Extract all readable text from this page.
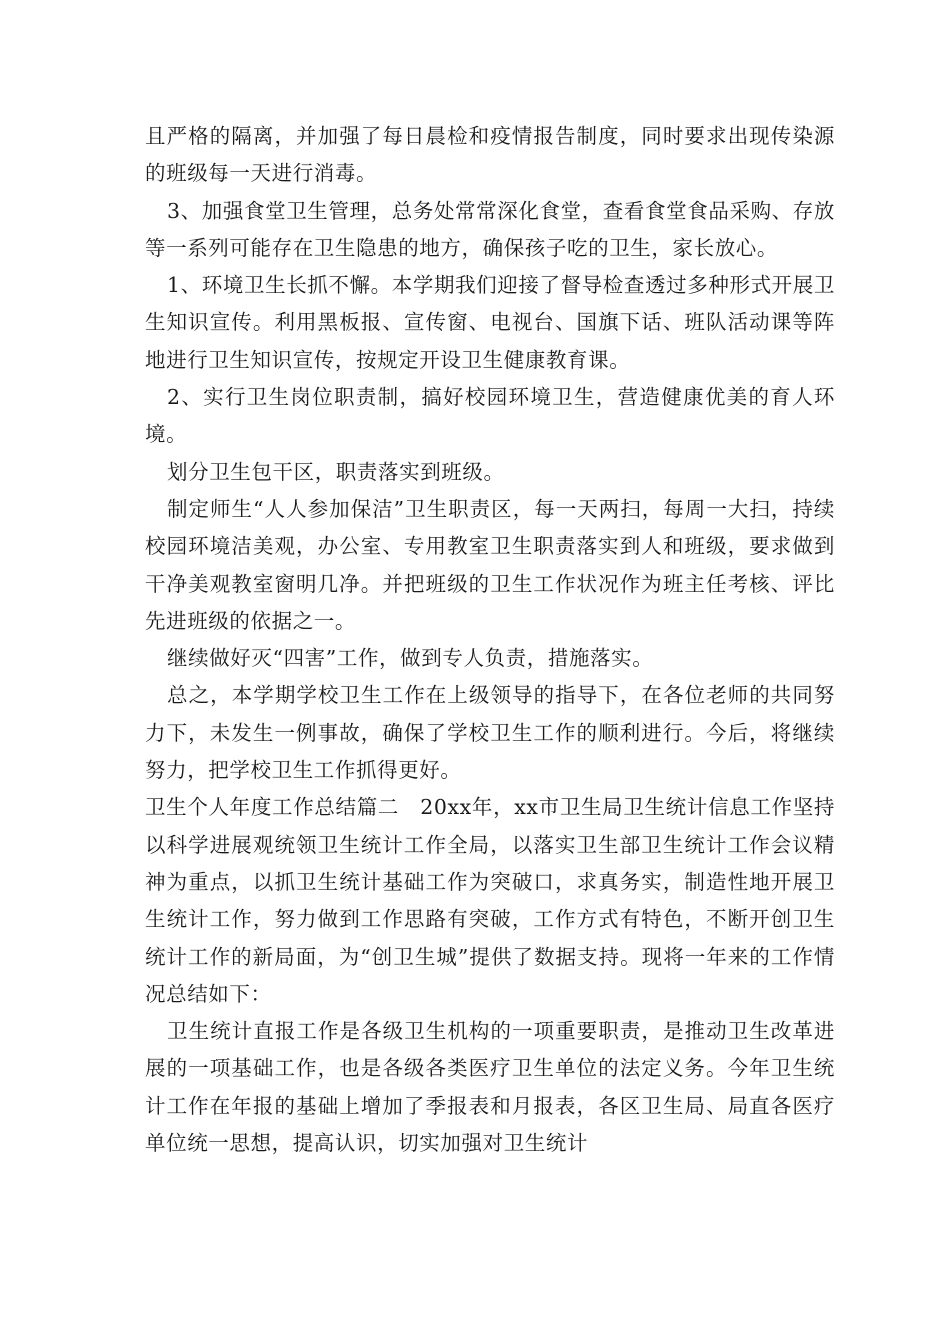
且严格的隔离，并加强了每日晨检和疫情报告制度，同时要求出现传染源的班级每一天进行消毒。

3、加强食堂卫生管理，总务处常常深化食堂，查看食堂食品采购、存放等一系列可能存在卫生隐患的地方，确保孩子吃的卫生，家长放心。

1、环境卫生长抓不懈。本学期我们迎接了督导检查透过多种形式开展卫生知识宣传。利用黑板报、宣传窗、电视台、国旗下话、班队活动课等阵地进行卫生知识宣传，按规定开设卫生健康教育课。

2、实行卫生岗位职责制，搞好校园环境卫生，营造健康优美的育人环境。

划分卫生包干区，职责落实到班级。

制定师生“人人参加保洁”卫生职责区，每一天两扫，每周一大扫，持续校园环境洁美观，办公室、专用教室卫生职责落实到人和班级，要求做到干净美观教室窗明几净。并把班级的卫生工作状况作为班主任考核、评比先进班级的依据之一。

继续做好灭“四害”工作，做到专人负责，措施落实。

总之，本学期学校卫生工作在上级领导的指导下，在各位老师的共同努力下，未发生一例事故，确保了学校卫生工作的顺利进行。今后，将继续努力，把学校卫生工作抓得更好。

卫生个人年度工作总结篇二　20xx年，xx市卫生局卫生统计信息工作坚持以科学进展观统领卫生统计工作全局，以落实卫生部卫生统计工作会议精神为重点，以抓卫生统计基础工作为突破口，求真务实，制造性地开展卫生统计工作，努力做到工作思路有突破，工作方式有特色，不断开创卫生统计工作的新局面，为“创卫生城”提供了数据支持。现将一年来的工作情况总结如下：

卫生统计直报工作是各级卫生机构的一项重要职责，是推动卫生改革进展的一项基础工作，也是各级各类医疗卫生单位的法定义务。今年卫生统计工作在年报的基础上增加了季报表和月报表，各区卫生局、局直各医疗单位统一思想，提高认识，切实加强对卫生统计
